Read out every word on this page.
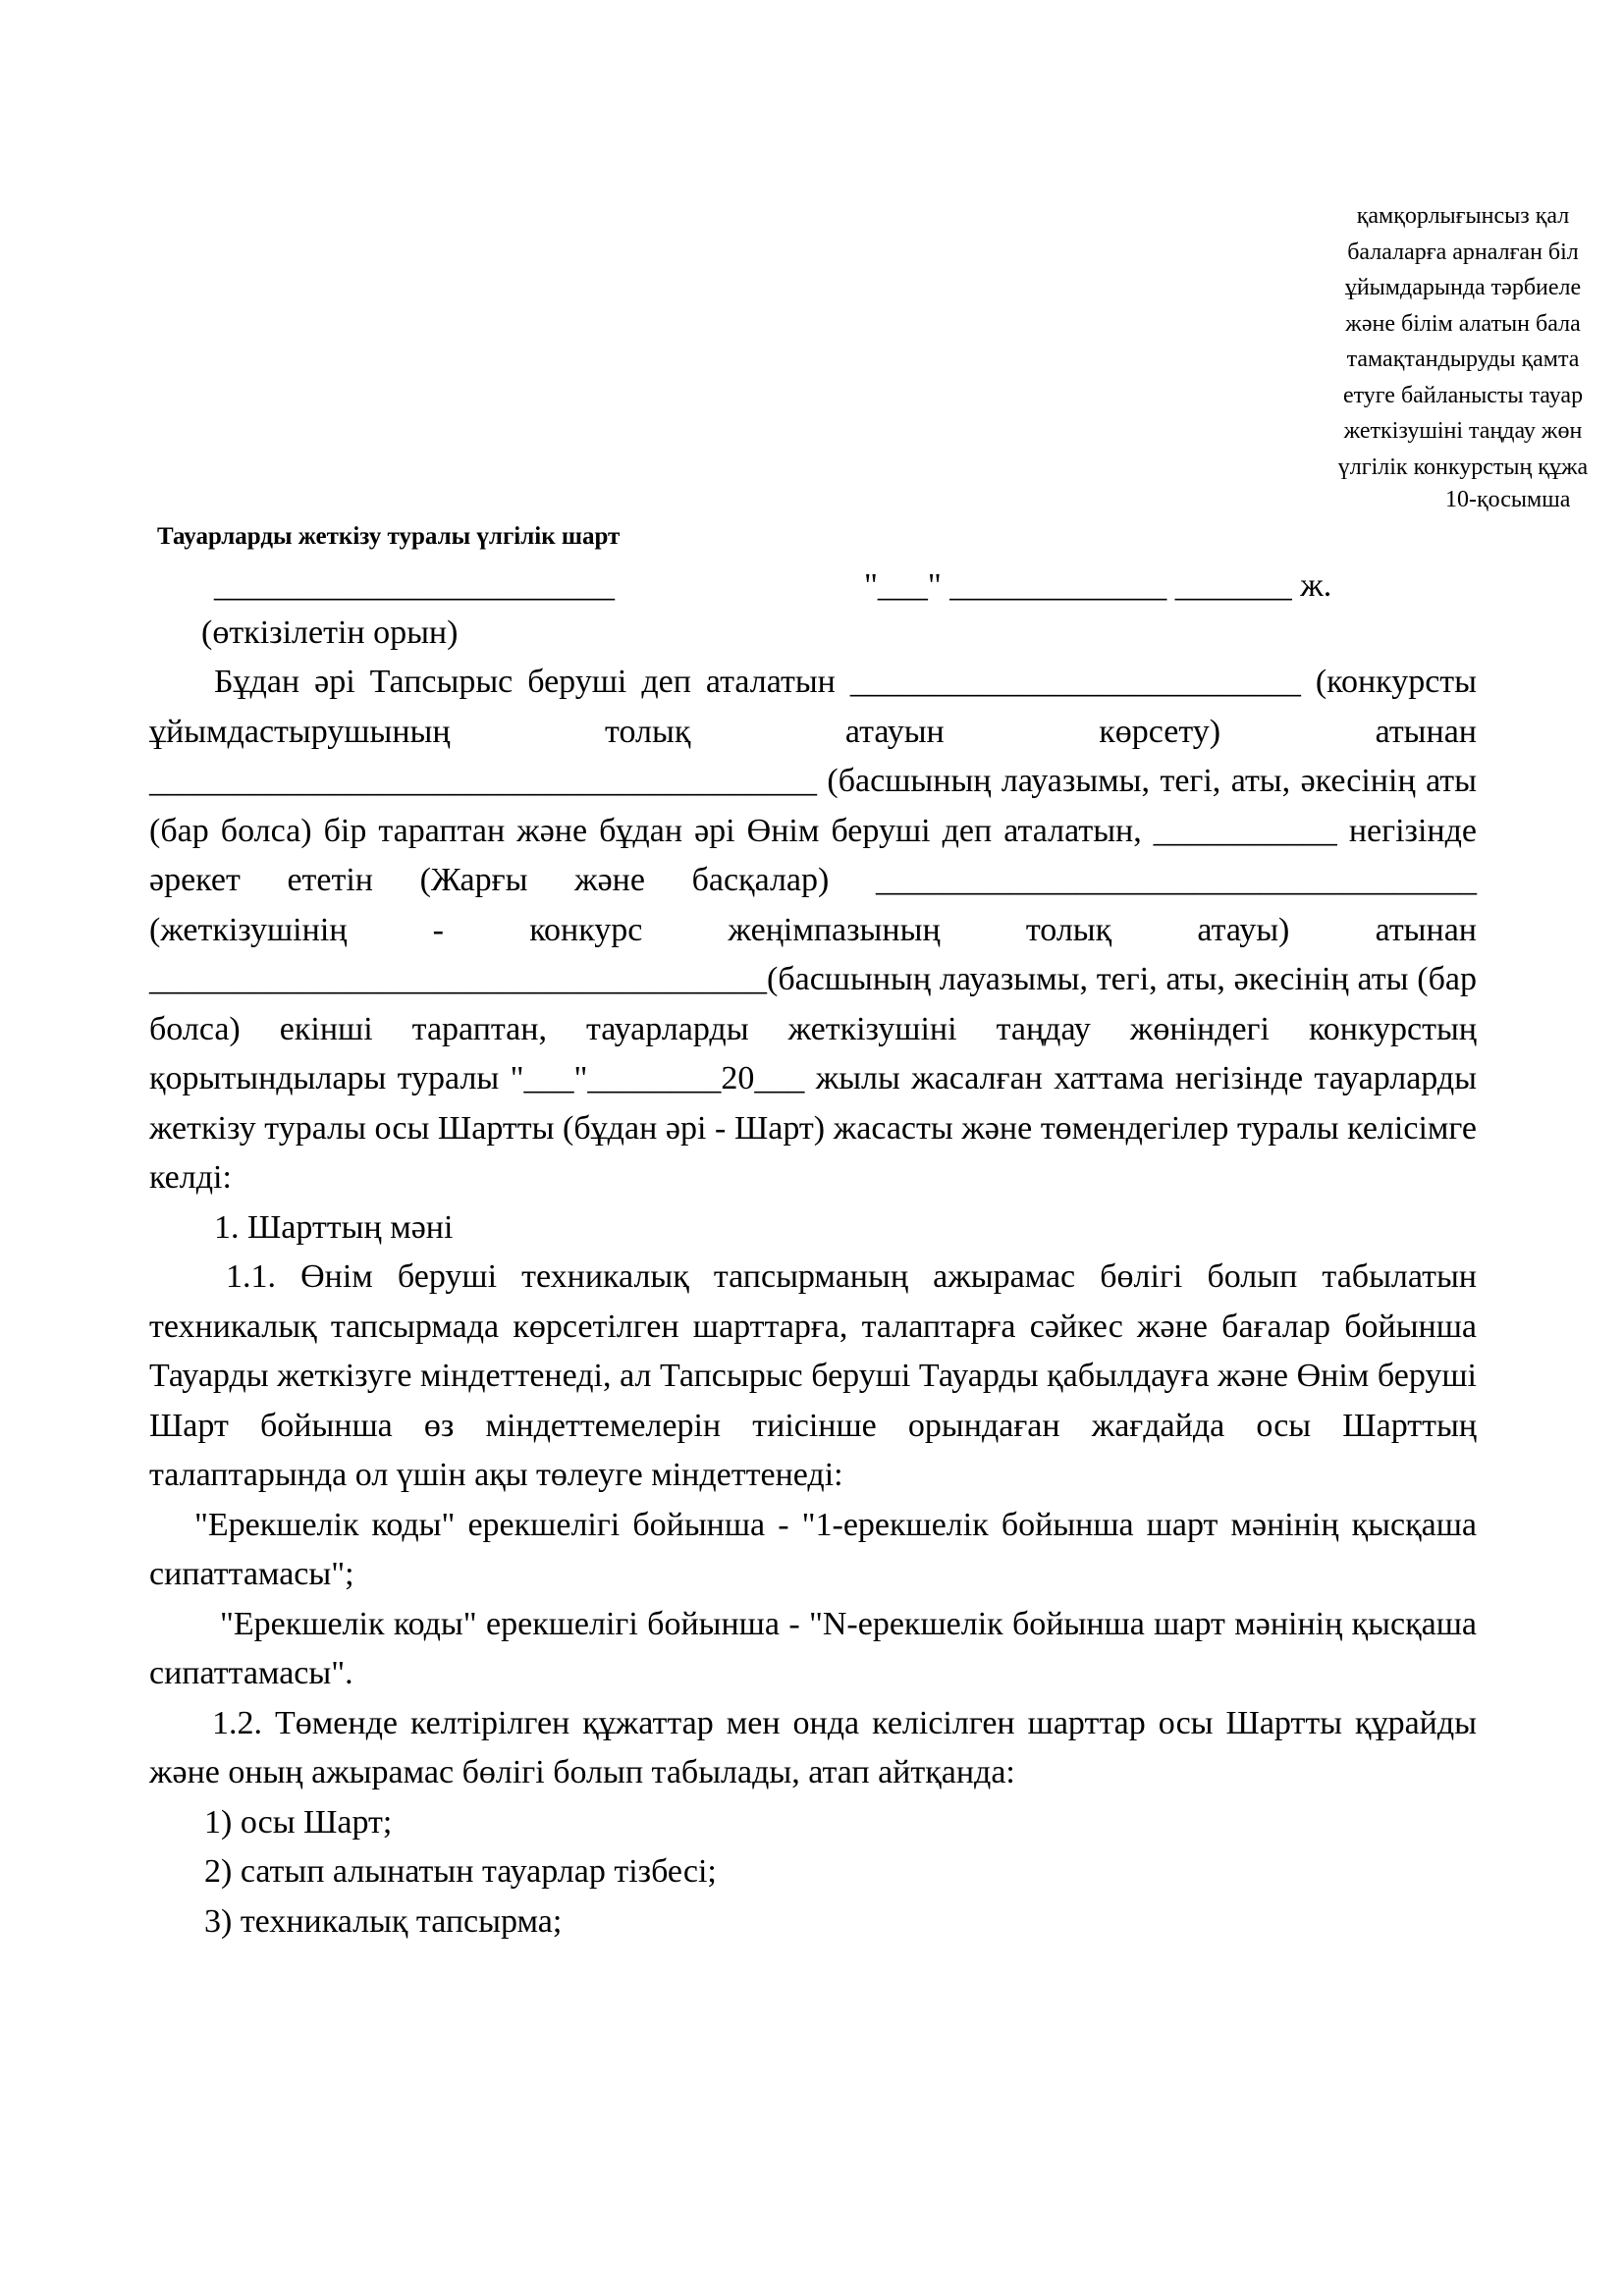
қамқорлығынсыз қал
балаларға арналған біл
ұйымдарында тәрбиеле
және білім алатын бала
тамақтандыруды қамта
етуге байланысты тауар
жеткізушіні таңдау жөн
үлгілік конкурстың құжа
10-қосымша
Тауарларды жеткізу туралы үлгілік шарт
________________________	"___" _____________ _______ ж.
(өткізілетін орын)

Бұдан әрі Тапсырыс беруші деп аталатын ___________________________ (конкурсты ұйымдастырушының толық атауын көрсету) атынан ________________________________________ (басшының лауазымы, тегі, аты, әкесінің аты (бар болса) бір тараптан және бұдан әрі Өнім беруші деп аталатын, ___________ негізінде әрекет ететін (Жарғы және басқалар) ____________________________________ (жеткізушінің - конкурс жеңімпазының толық атауы) атынан _____________________________________(басшының лауазымы, тегі, аты, әкесінің аты (бар болса) екінші тараптан, тауарларды жеткізушіні таңдау жөніндегі конкурстың қорытындылары туралы "___"________20___ жылы жасалған хаттама негізінде тауарларды жеткізу туралы осы Шартты (бұдан әрі - Шарт) жасасты және төмендегілер туралы келісімге келді:

1. Шарттың мәні

1.1. Өнім беруші техникалық тапсырманың ажырамас бөлігі болып табылатын техникалық тапсырмада көрсетілген шарттарға, талаптарға сәйкес және бағалар бойынша Тауарды жеткізуге міндеттенеді, ал Тапсырыс беруші Тауарды қабылдауға және Өнім беруші Шарт бойынша өз міндеттемелерін тиісінше орындаған жағдайда осы Шарттың талаптарында ол үшін ақы төлеуге міндеттенеді:

"Ерекшелік коды" ерекшелігі бойынша - "1-ерекшелік бойынша шарт мәнінің қысқаша сипаттамасы";

"Ерекшелік коды" ерекшелігі бойынша - "N-ерекшелік бойынша шарт мәнінің қысқаша сипаттамасы".

1.2. Төменде келтірілген құжаттар мен онда келісілген шарттар осы Шартты құрайды және оның ажырамас бөлігі болып табылады, атап айтқанда:

1) осы Шарт;

2) сатып алынатын тауарлар тізбесі;

3) техникалық тапсырма;
